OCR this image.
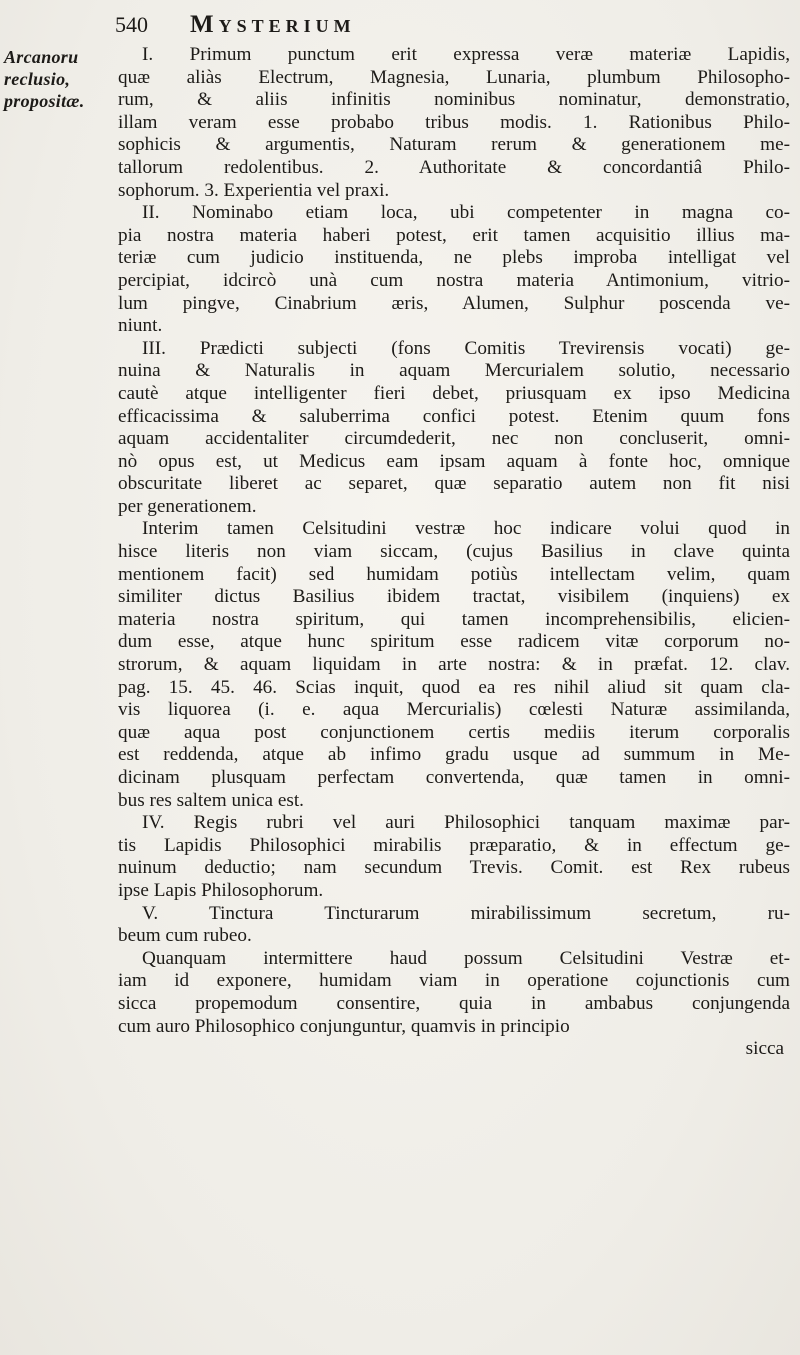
540	Mysterium
Arcanoru
reclusio,
propositæ.
I. Primum punctum erit expressa veræ materiæ Lapidis,
quæ aliàs Electrum, Magnesia, Lunaria, plumbum Philosopho-
rum, & aliis infinitis nominibus nominatur, demonstratio,
illam veram esse probabo tribus modis. 1. Rationibus Philo-
sophicis & argumentis, Naturam rerum & generationem me-
tallorum redolentibus. 2. Authoritate & concordantiâ Philo-
sophorum. 3. Experientia vel praxi.
II. Nominabo etiam loca, ubi competenter in magna co-
pia nostra materia haberi potest, erit tamen acquisitio illius ma-
teriæ cum judicio instituenda, ne plebs improba intelligat vel
percipiat, idcircò unà cum nostra materia Antimonium, vitrio-
lum pingve, Cinabrium æris, Alumen, Sulphur poscenda ve-
niunt.
III. Prædicti subjecti (fons Comitis Trevirensis vocati) ge-
nuina & Naturalis in aquam Mercurialem solutio, necessario
cautè atque intelligenter fieri debet, priusquam ex ipso Medicina
efficacissima & saluberrima confici potest. Etenim quum fons
aquam accidentaliter circumdederit, nec non concluserit, omni-
nò opus est, ut Medicus eam ipsam aquam à fonte hoc, omnique
obscuritate liberet ac separet, quæ separatio autem non fit nisi
per generationem.
Interim tamen Celsitudini vestræ hoc indicare volui quod in
hisce literis non viam siccam, (cujus Basilius in clave quinta
mentionem facit) sed humidam potiùs intellectam velim, quam
similiter dictus Basilius ibidem tractat, visibilem (inquiens) ex
materia nostra spiritum, qui tamen incomprehensibilis, elicien-
dum esse, atque hunc spiritum esse radicem vitæ corporum no-
strorum, & aquam liquidam in arte nostra: & in præfat. 12. clav.
pag. 15. 45. 46. Scias inquit, quod ea res nihil aliud sit quam cla-
vis liquorea (i. e. aqua Mercurialis) cœlesti Naturæ assimilanda,
quæ aqua post conjunctionem certis mediis iterum corporalis
est reddenda, atque ab infimo gradu usque ad summum in Me-
dicinam plusquam perfectam convertenda, quæ tamen in omni-
bus res saltem unica est.
IV. Regis rubri vel auri Philosophici tanquam maximæ par-
tis Lapidis Philosophici mirabilis præparatio, & in effectum ge-
nuinum deductio; nam secundum Trevis. Comit. est Rex rubeus
ipse Lapis Philosophorum.
V. Tinctura Tincturarum mirabilissimum secretum, ru-
beum cum rubeo.
Quanquam intermittere haud possum Celsitudini Vestræ et-
iam id exponere, humidam viam in operatione cojunctionis cum
sicca propemodum consentire, quia in ambabus conjungenda
cum auro Philosophico conjunguntur, quamvis in principio
sicca
